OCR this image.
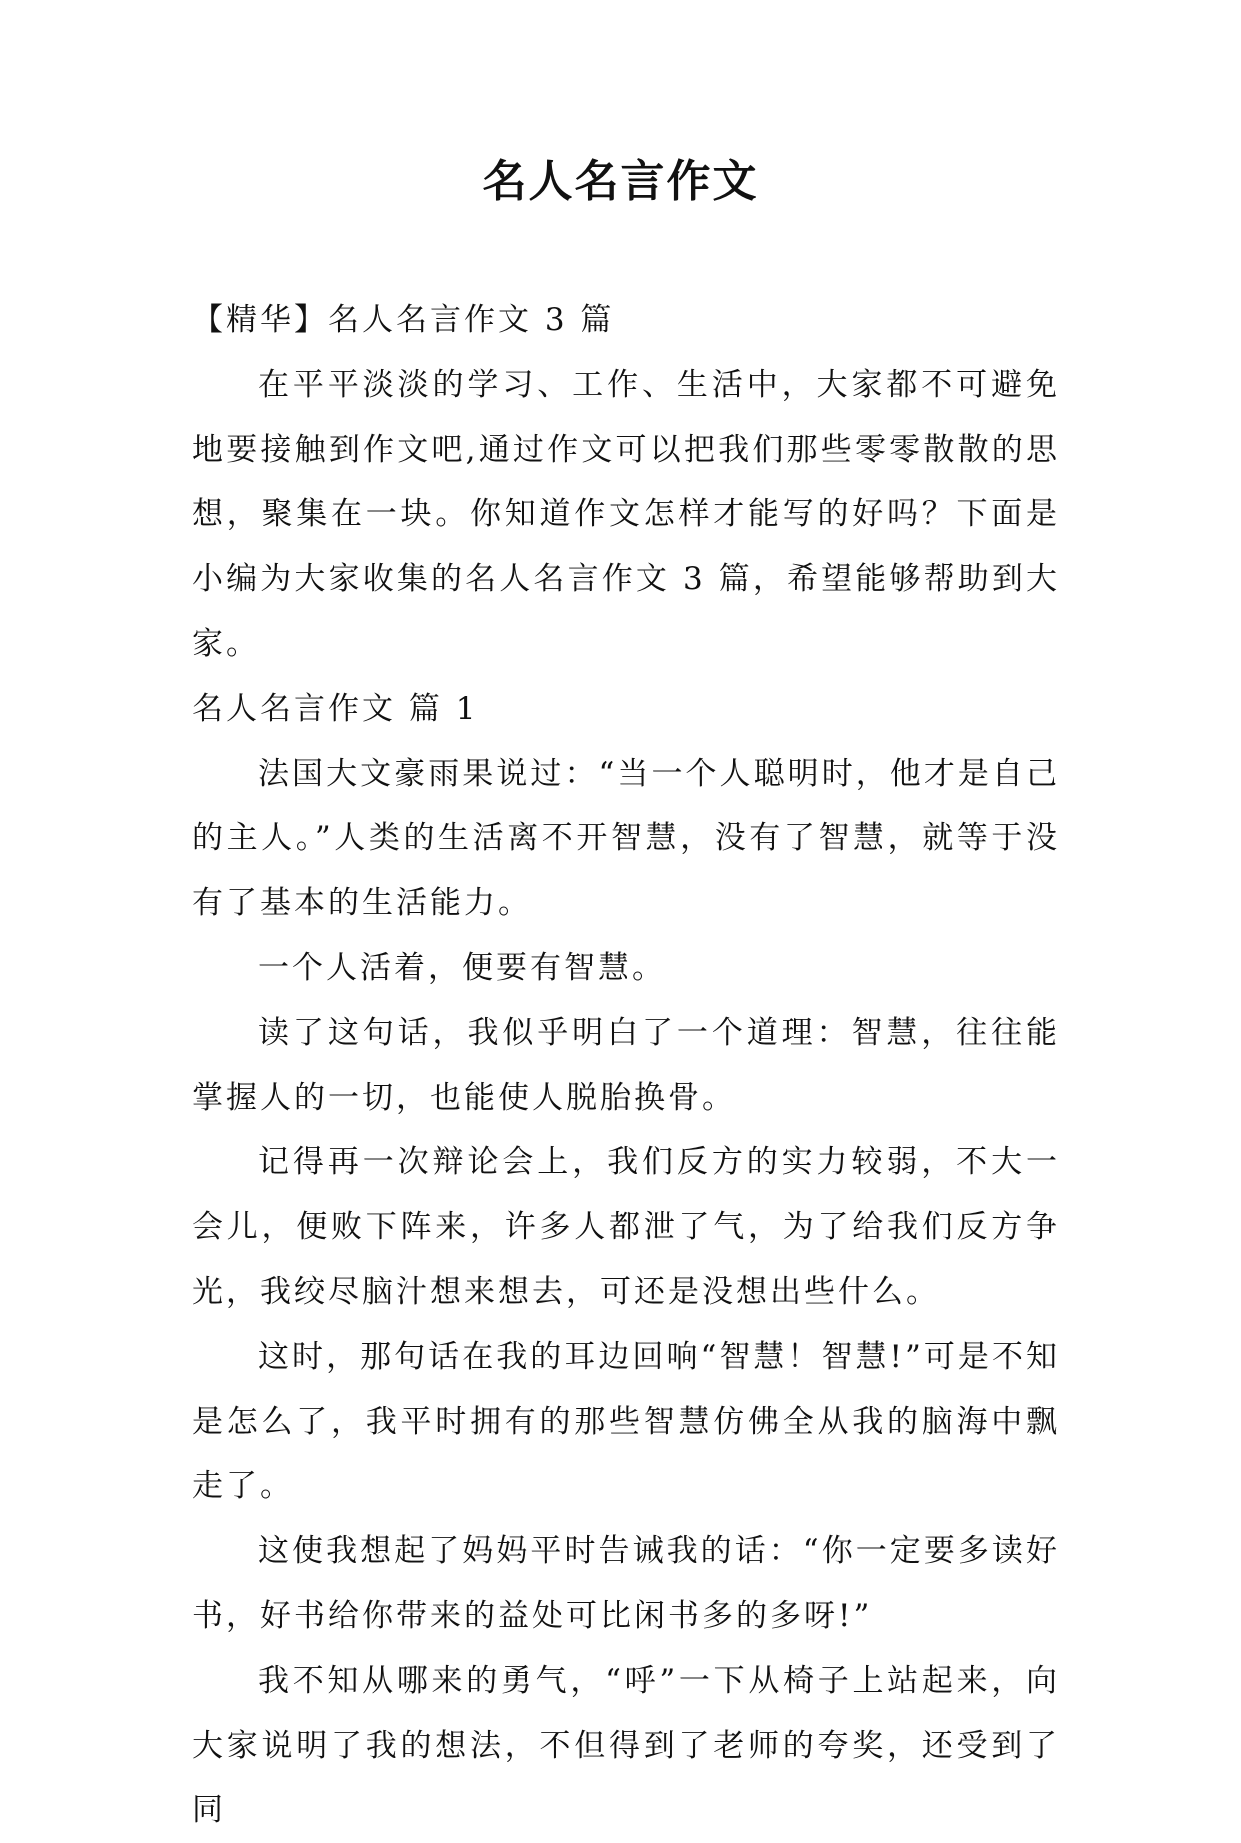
名人名言作文

【精华】名人名言作文 3 篇

在平平淡淡的学习、工作、生活中，大家都不可避免地要接触到作文吧,通过作文可以把我们那些零零散散的思想，聚集在一块。你知道作文怎样才能写的好吗？下面是小编为大家收集的名人名言作文 3 篇，希望能够帮助到大家。

名人名言作文 篇 1

法国大文豪雨果说过：“当一个人聪明时，他才是自己的主人。”人类的生活离不开智慧，没有了智慧，就等于没有了基本的生活能力。

一个人活着，便要有智慧。

读了这句话，我似乎明白了一个道理：智慧，往往能掌握人的一切，也能使人脱胎换骨。

记得再一次辩论会上，我们反方的实力较弱，不大一会儿，便败下阵来，许多人都泄了气，为了给我们反方争光，我绞尽脑汁想来想去，可还是没想出些什么。

这时，那句话在我的耳边回响“智慧！智慧!”可是不知是怎么了，我平时拥有的那些智慧仿佛全从我的脑海中飘走了。

这使我想起了妈妈平时告诫我的话：“你一定要多读好书，好书给你带来的益处可比闲书多的多呀!”

我不知从哪来的勇气，“呼”一下从椅子上站起来，向大家说明了我的想法，不但得到了老师的夸奖，还受到了同
